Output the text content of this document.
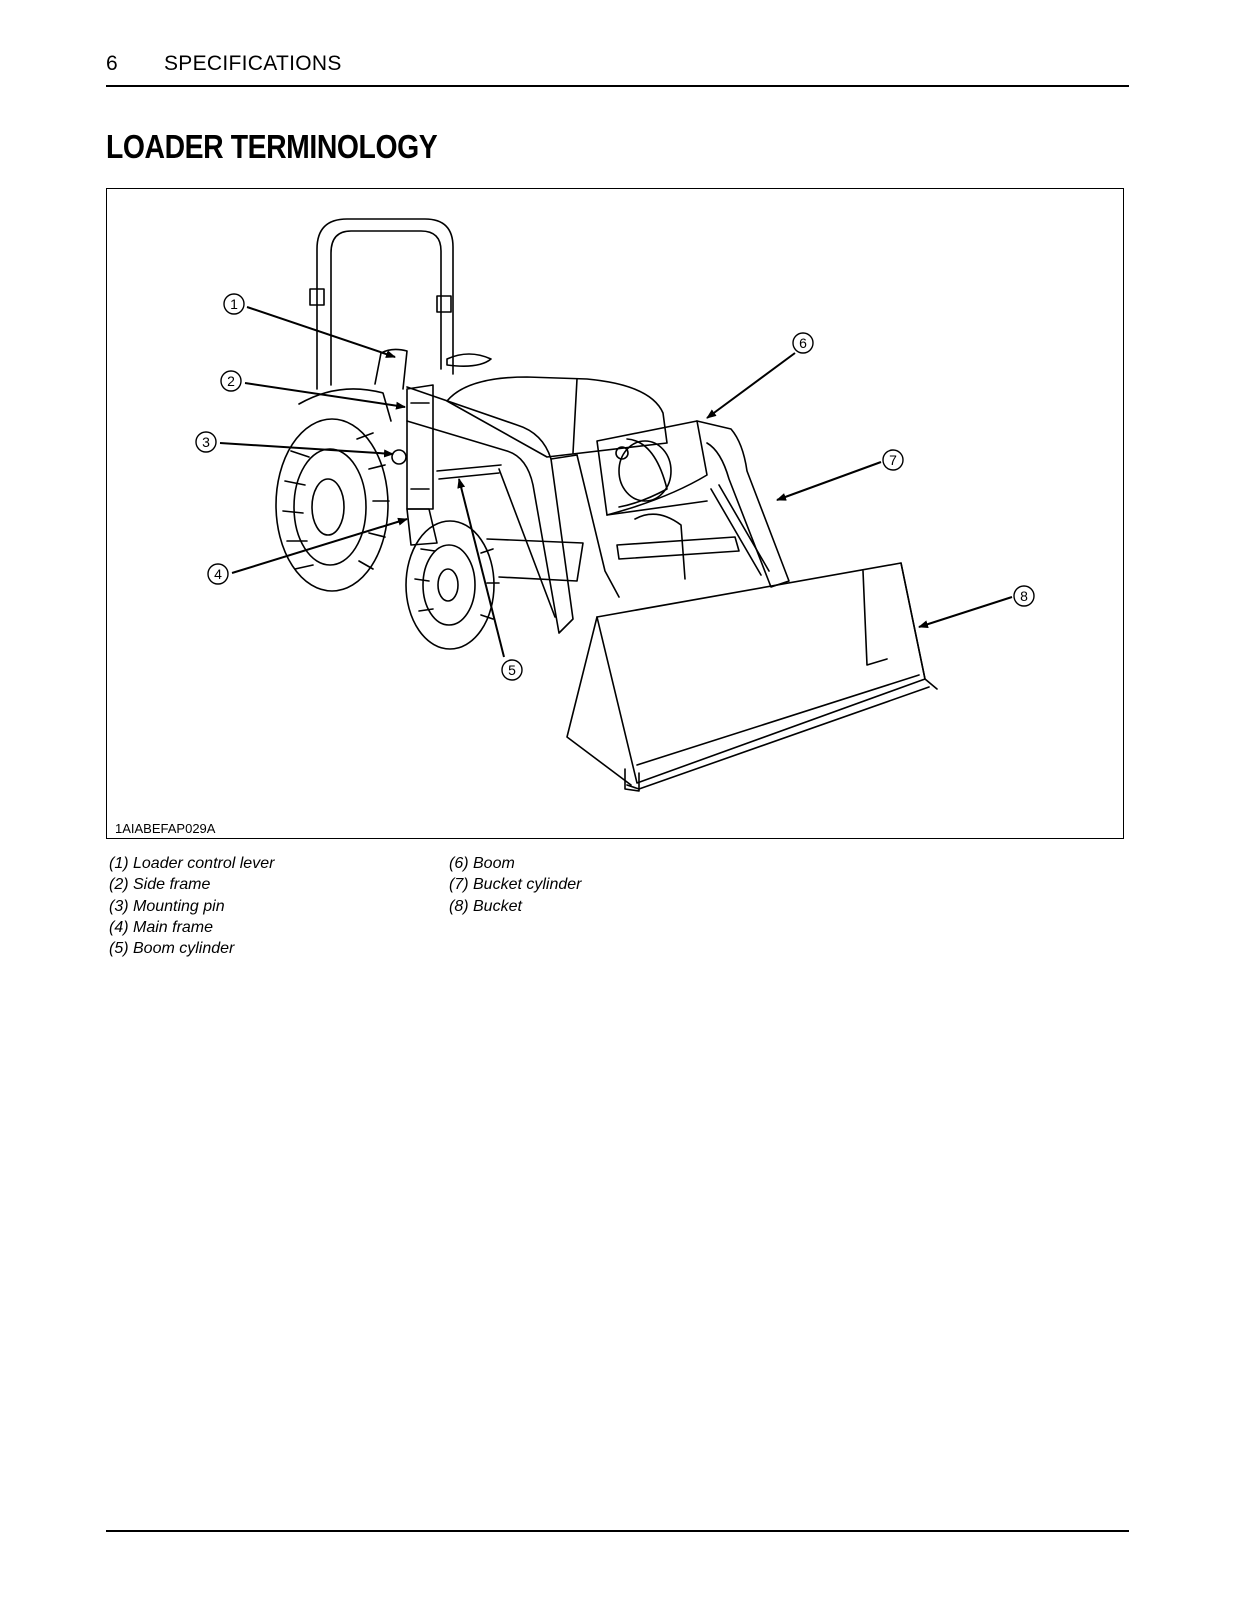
6 SPECIFICATIONS
LOADER TERMINOLOGY
1
2
3
4
5
6
7
8
1AIABEFAP029A
(1) Loader control lever
(2) Side frame
(3) Mounting pin
(4) Main frame
(5) Boom cylinder
(6) Boom
(7) Bucket cylinder
(8) Bucket
